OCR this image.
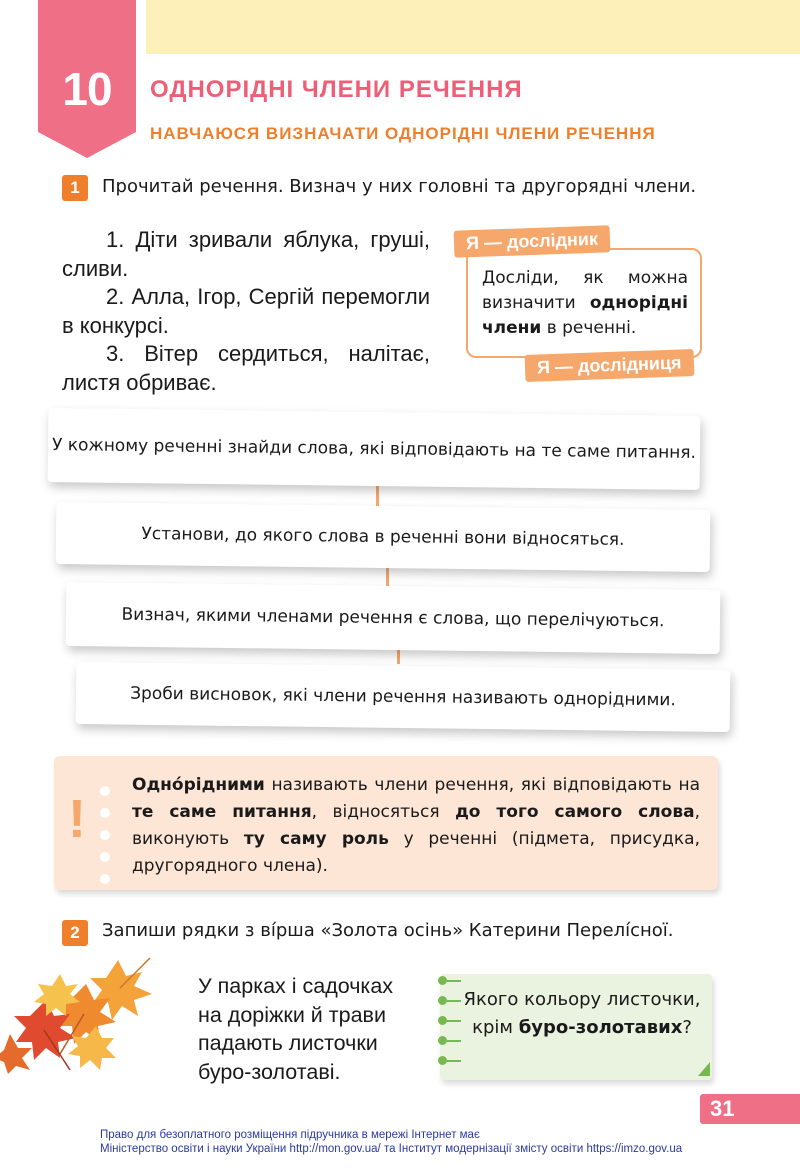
10	ОДНОРІДНІ ЧЛЕНИ РЕЧЕННЯ
НАВЧАЮСЯ ВИЗНАЧАТИ ОДНОРІДНІ ЧЛЕНИ РЕЧЕННЯ
1	Прочитай речення. Визнач у них головні та другорядні члени.

1. Діти зривали яблука, груші, сливи.

2. Алла, Ігор, Сергій перемогли в конкурсі.

3. Вітер сердиться, налітає, листя обриває.

Досліди, як можна визначити однорідні члени в реченні.
Я — дослідник
Я — дослідниця
У кожному реченні знайди слова, які відповідають на те саме питання.
Установи, до якого слова в реченні вони відносяться.
Визнач, якими членами речення є слова, що перелічуються.
Зроби висновок, які члени речення називають однорідними.
!
Одно́рідними називають члени речення, які відповідають на те саме питання, відносяться до того самого слова, виконують ту саму роль у реченні (підмета, присудка, другорядного члена).
2	Запиши рядки з ві́рша «Золота осінь» Катерини Перелі́сної.
У парках і садочках
на доріжки й трави
падають листочки
буро-золотаві.
Якого кольору листочки, крім буро-золотавих?
31
Право для безоплатного розміщення підручника в мережі Інтернет має
Міністерство освіти і науки України http://mon.gov.ua/ та Інститут модернізації змісту освіти https://imzo.gov.ua
